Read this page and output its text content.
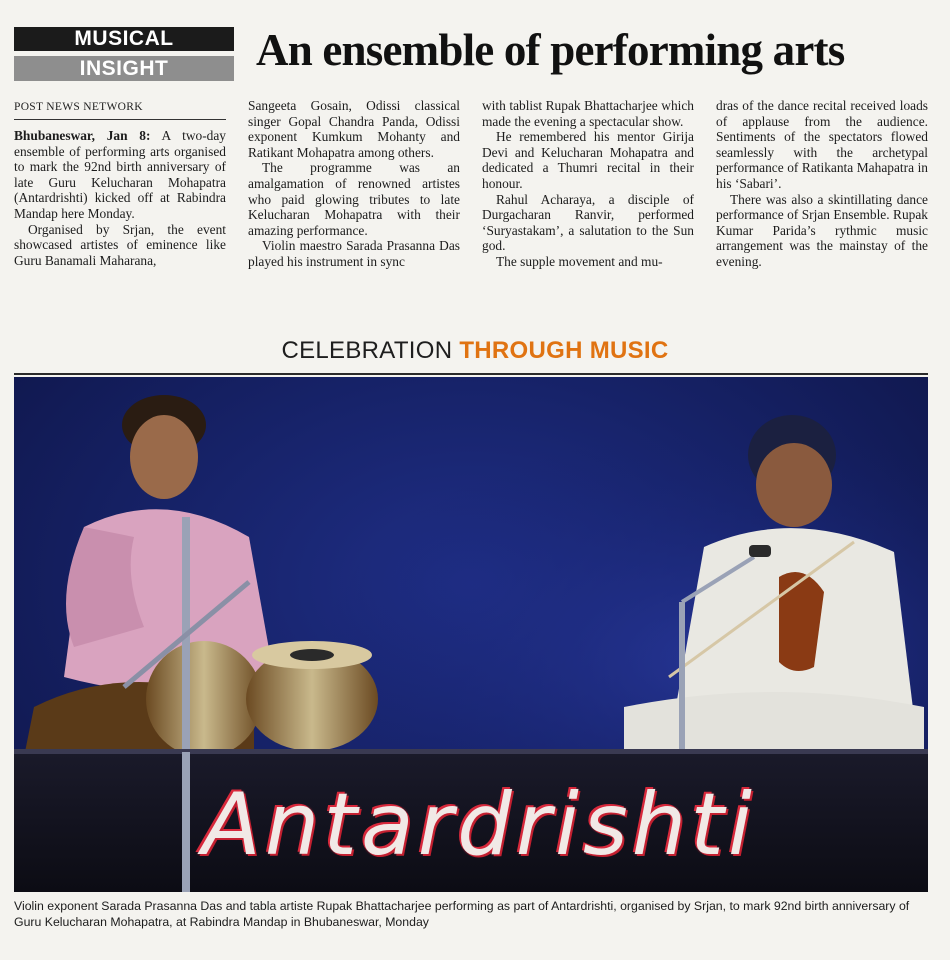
MUSICAL
INSIGHT	An ensemble of performing arts
POST NEWS NETWORK

Bhubaneswar, Jan 8: A two-day ensemble of performing arts organised to mark the 92nd birth anniversary of late Guru Kelucharan Mohapatra (Antardrishti) kicked off at Rabindra Mandap here Monday.

Organised by Srjan, the event showcased artistes of eminence like Guru Banamali Maharana,

Sangeeta Gosain, Odissi classical singer Gopal Chandra Panda, Odissi exponent Kumkum Mohanty and Ratikant Mohapatra among others.

The programme was an amalgamation of renowned artistes who paid glowing tributes to late Kelucharan Mohapatra with their amazing performance.

Violin maestro Sarada Prasanna Das played his instrument in sync

with tablist Rupak Bhattacharjee which made the evening a spectacular show.

He remembered his mentor Girija Devi and Kelucharan Mohapatra and dedicated a Thumri recital in their honour.

Rahul Acharaya, a disciple of Durgacharan Ranvir, performed ‘Suryastakam’, a salutation to the Sun god.

The supple movement and mu-

dras of the dance recital received loads of applause from the audience. Sentiments of the spectators flowed seamlessly with the archetypal performance of Ratikanta Mahapatra in his ‘Sabari’.

There was also a skintillating dance performance of Srjan Ensemble. Rupak Kumar Parida’s rythmic music arrangement was the mainstay of the evening.

CELEBRATION THROUGH MUSIC
Antardrishti
Violin exponent Sarada Prasanna Das and tabla artiste Rupak Bhattacharjee performing as part of Antardrishti, organised by Srjan, to mark 92nd birth anniversary of Guru Kelucharan Mohapatra, at Rabindra Mandap in Bhubaneswar, Monday
